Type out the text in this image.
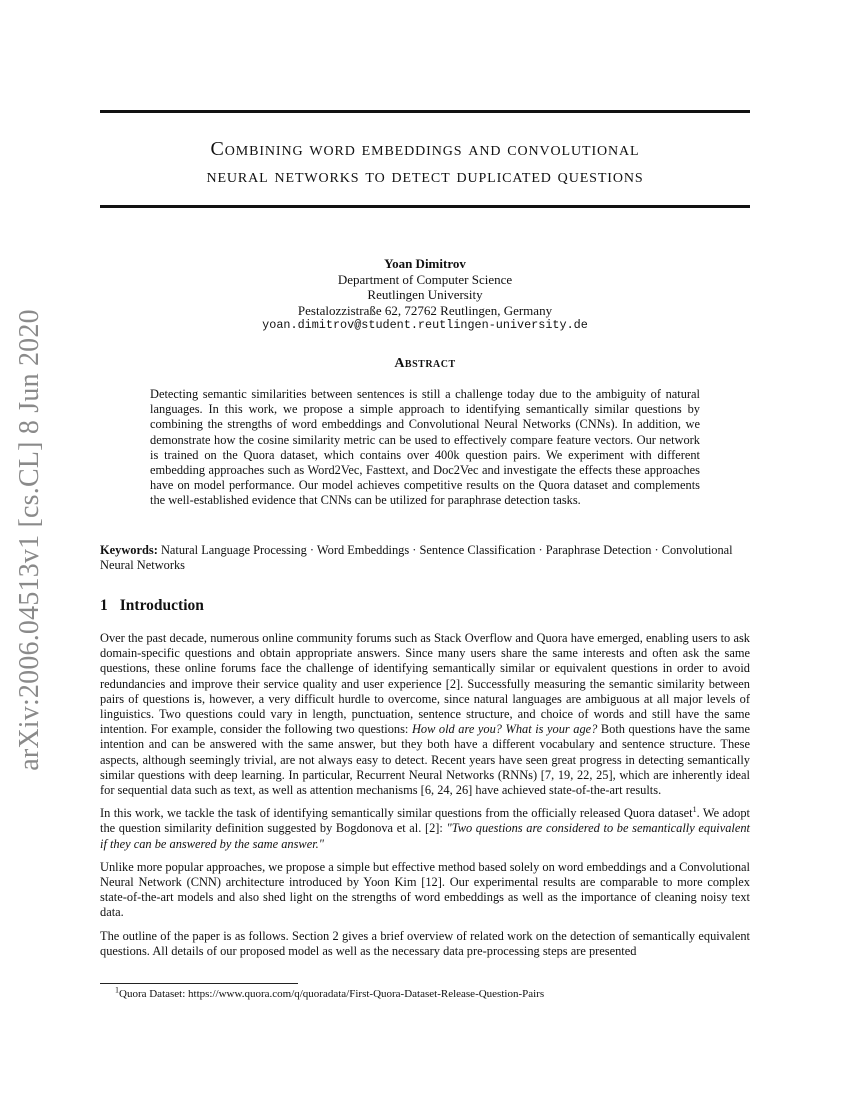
arXiv:2006.04513v1 [cs.CL] 8 Jun 2020
Combining word embeddings and convolutional
neural networks to detect duplicated questions
Yoan Dimitrov
Department of Computer Science
Reutlingen University
Pestalozzistraße 62, 72762 Reutlingen, Germany
yoan.dimitrov@student.reutlingen-university.de
Abstract

Detecting semantic similarities between sentences is still a challenge today due to the ambiguity of natural languages. In this work, we propose a simple approach to identifying semantically similar questions by combining the strengths of word embeddings and Convolutional Neural Networks (CNNs). In addition, we demonstrate how the cosine similarity metric can be used to effectively compare feature vectors. Our network is trained on the Quora dataset, which contains over 400k question pairs. We experiment with different embedding approaches such as Word2Vec, Fasttext, and Doc2Vec and investigate the effects these approaches have on model performance. Our model achieves competitive results on the Quora dataset and complements the well-established evidence that CNNs can be utilized for paraphrase detection tasks.

Keywords: Natural Language Processing · Word Embeddings · Sentence Classification · Paraphrase Detection · Convolutional Neural Networks

1 Introduction

Over the past decade, numerous online community forums such as Stack Overflow and Quora have emerged, enabling users to ask domain-specific questions and obtain appropriate answers. Since many users share the same interests and often ask the same questions, these online forums face the challenge of identifying semantically similar or equivalent questions in order to avoid redundancies and improve their service quality and user experience [2]. Successfully measuring the semantic similarity between pairs of questions is, however, a very difficult hurdle to overcome, since natural languages are ambiguous at all major levels of linguistics. Two questions could vary in length, punctuation, sentence structure, and choice of words and still have the same intention. For example, consider the following two questions: How old are you? What is your age? Both questions have the same intention and can be answered with the same answer, but they both have a different vocabulary and sentence structure. These aspects, although seemingly trivial, are not always easy to detect. Recent years have seen great progress in detecting semantically similar questions with deep learning. In particular, Recurrent Neural Networks (RNNs) [7, 19, 22, 25], which are inherently ideal for sequential data such as text, as well as attention mechanisms [6, 24, 26] have achieved state-of-the-art results.

In this work, we tackle the task of identifying semantically similar questions from the officially released Quora dataset$^1$. We adopt the question similarity definition suggested by Bogdonova et al. [2]: "Two questions are considered to be semantically equivalent if they can be answered by the same answer."

Unlike more popular approaches, we propose a simple but effective method based solely on word embeddings and a Convolutional Neural Network (CNN) architecture introduced by Yoon Kim [12]. Our experimental results are comparable to more complex state-of-the-art models and also shed light on the strengths of word embeddings as well as the importance of cleaning noisy text data.

The outline of the paper is as follows. Section 2 gives a brief overview of related work on the detection of semantically equivalent questions. All details of our proposed model as well as the necessary data pre-processing steps are presented

$^1$Quora Dataset: https://www.quora.com/q/quoradata/First-Quora-Dataset-Release-Question-Pairs
